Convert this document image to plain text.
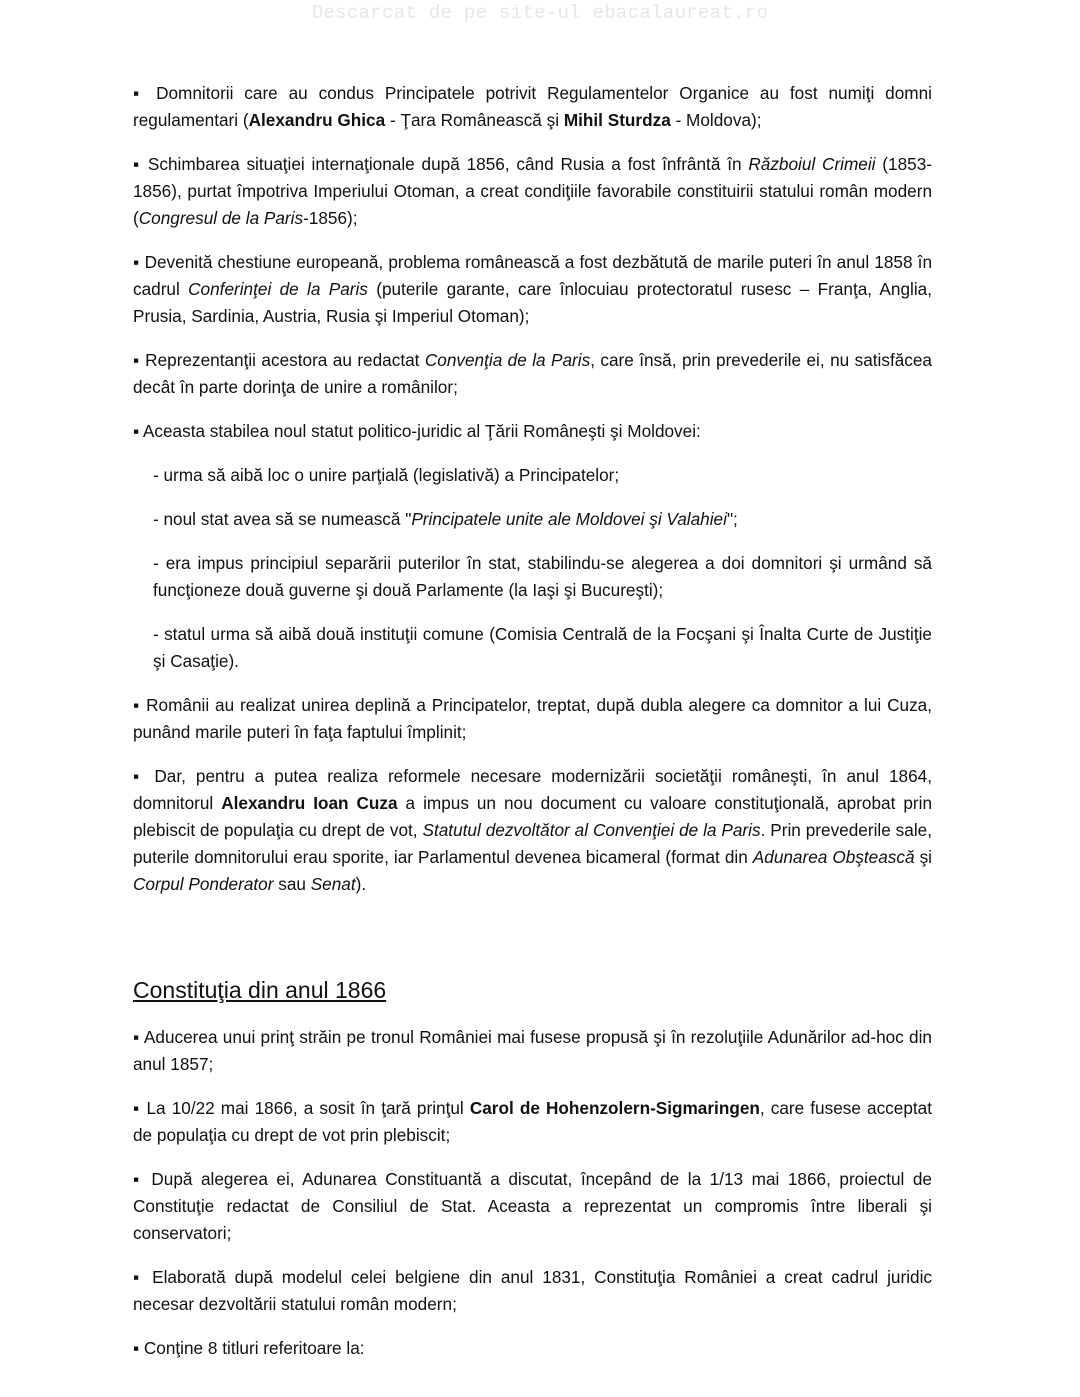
Descarcat de pe site-ul ebacalaureat.ro

▪ Domnitorii care au condus Principatele potrivit Regulamentelor Organice au fost numiţi domni regulamentari (Alexandru Ghica - Ţara Românească şi Mihil Sturdza - Moldova);

▪ Schimbarea situaţiei internaţionale după 1856, când Rusia a fost înfrântă în Războiul Crimeii (1853-1856), purtat împotriva Imperiului Otoman, a creat condiţiile favorabile constituirii statului român modern (Congresul de la Paris-1856);

▪ Devenită chestiune europeană, problema românească a fost dezbătută de marile puteri în anul 1858 în cadrul Conferinţei de la Paris (puterile garante, care înlocuiau protectoratul rusesc – Franţa, Anglia, Prusia, Sardinia, Austria, Rusia şi Imperiul Otoman);

▪ Reprezentanţii acestora au redactat Convenţia de la Paris, care însă, prin prevederile ei, nu satisfăcea decât în parte dorinţa de unire a românilor;

▪ Aceasta stabilea noul statut politico-juridic al Ţării Româneşti şi Moldovei:

- urma să aibă loc o unire parţială (legislativă) a Principatelor;

- noul stat avea să se numească "Principatele unite ale Moldovei şi Valahiei";

- era impus principiul separării puterilor în stat, stabilindu-se alegerea a doi domnitori şi urmând să funcţioneze două guverne şi două Parlamente (la Iaşi şi Bucureşti);

- statul urma să aibă două instituţii comune (Comisia Centrală de la Focşani şi Înalta Curte de Justiţie şi Casaţie).

▪ Românii au realizat unirea deplină a Principatelor, treptat, după dubla alegere ca domnitor a lui Cuza, punând marile puteri în faţa faptului împlinit;

▪ Dar, pentru a putea realiza reformele necesare modernizării societăţii româneşti, în anul 1864, domnitorul Alexandru Ioan Cuza a impus un nou document cu valoare constituţională, aprobat prin plebiscit de populaţia cu drept de vot, Statutul dezvoltător al Convenţiei de la Paris. Prin prevederile sale, puterile domnitorului erau sporite, iar Parlamentul devenea bicameral (format din Adunarea Obştească şi Corpul Ponderator sau Senat).

Constituţia din anul 1866

▪ Aducerea unui prinţ străin pe tronul României mai fusese propusă şi în rezoluţiile Adunărilor ad-hoc din anul 1857;

▪ La 10/22 mai 1866, a sosit în ţară prinţul Carol de Hohenzolern-Sigmaringen, care fusese acceptat de populaţia cu drept de vot prin plebiscit;

▪ După alegerea ei, Adunarea Constituantă a discutat, începând de la 1/13 mai 1866, proiectul de Constituţie redactat de Consiliul de Stat. Aceasta a reprezentat un compromis între liberali şi conservatori;

▪ Elaborată după modelul celei belgiene din anul 1831, Constituţia României a creat cadrul juridic necesar dezvoltării statului român modern;

▪ Conţine 8 titluri referitoare la:
